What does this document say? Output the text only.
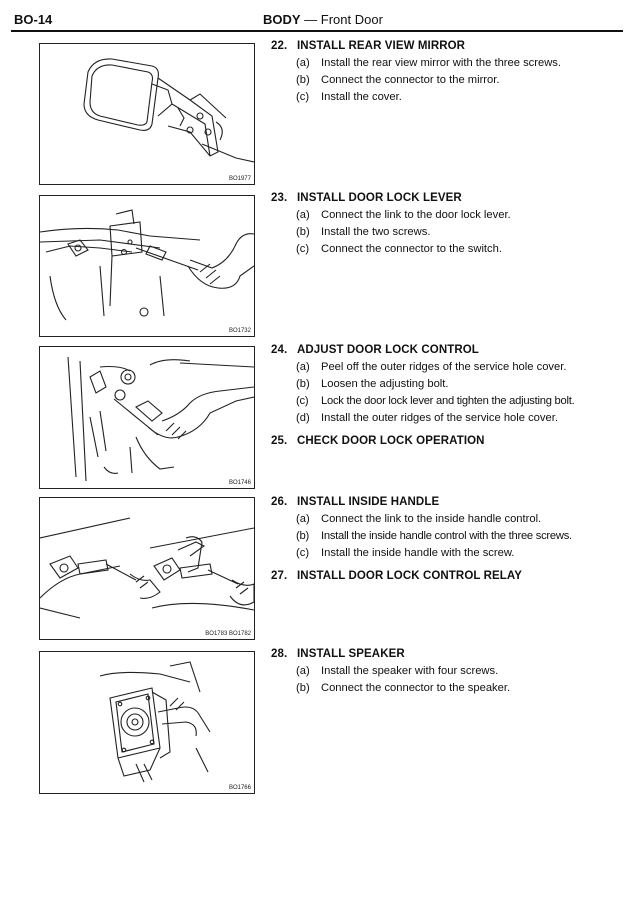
BO-14	BODY — Front Door
BO1977
BO1732
BO1746
BO1783 BO1782
BO1766
22. INSTALL REAR VIEW MIRROR
(a) Install the rear view mirror with the three screws.
(b) Connect the connector to the mirror.
(c) Install the cover.
23. INSTALL DOOR LOCK LEVER
(a) Connect the link to the door lock lever.
(b) Install the two screws.
(c) Connect the connector to the switch.
24. ADJUST DOOR LOCK CONTROL
(a) Peel off the outer ridges of the service hole cover.
(b) Loosen the adjusting bolt.
(c) Lock the door lock lever and tighten the adjusting bolt.
(d) Install the outer ridges of the service hole cover.
25. CHECK DOOR LOCK OPERATION
26. INSTALL INSIDE HANDLE
(a) Connect the link to the inside handle control.
(b) Install the inside handle control with the three screws.
(c) Install the inside handle with the screw.
27. INSTALL DOOR LOCK CONTROL RELAY
28. INSTALL SPEAKER
(a) Install the speaker with four screws.
(b) Connect the connector to the speaker.
